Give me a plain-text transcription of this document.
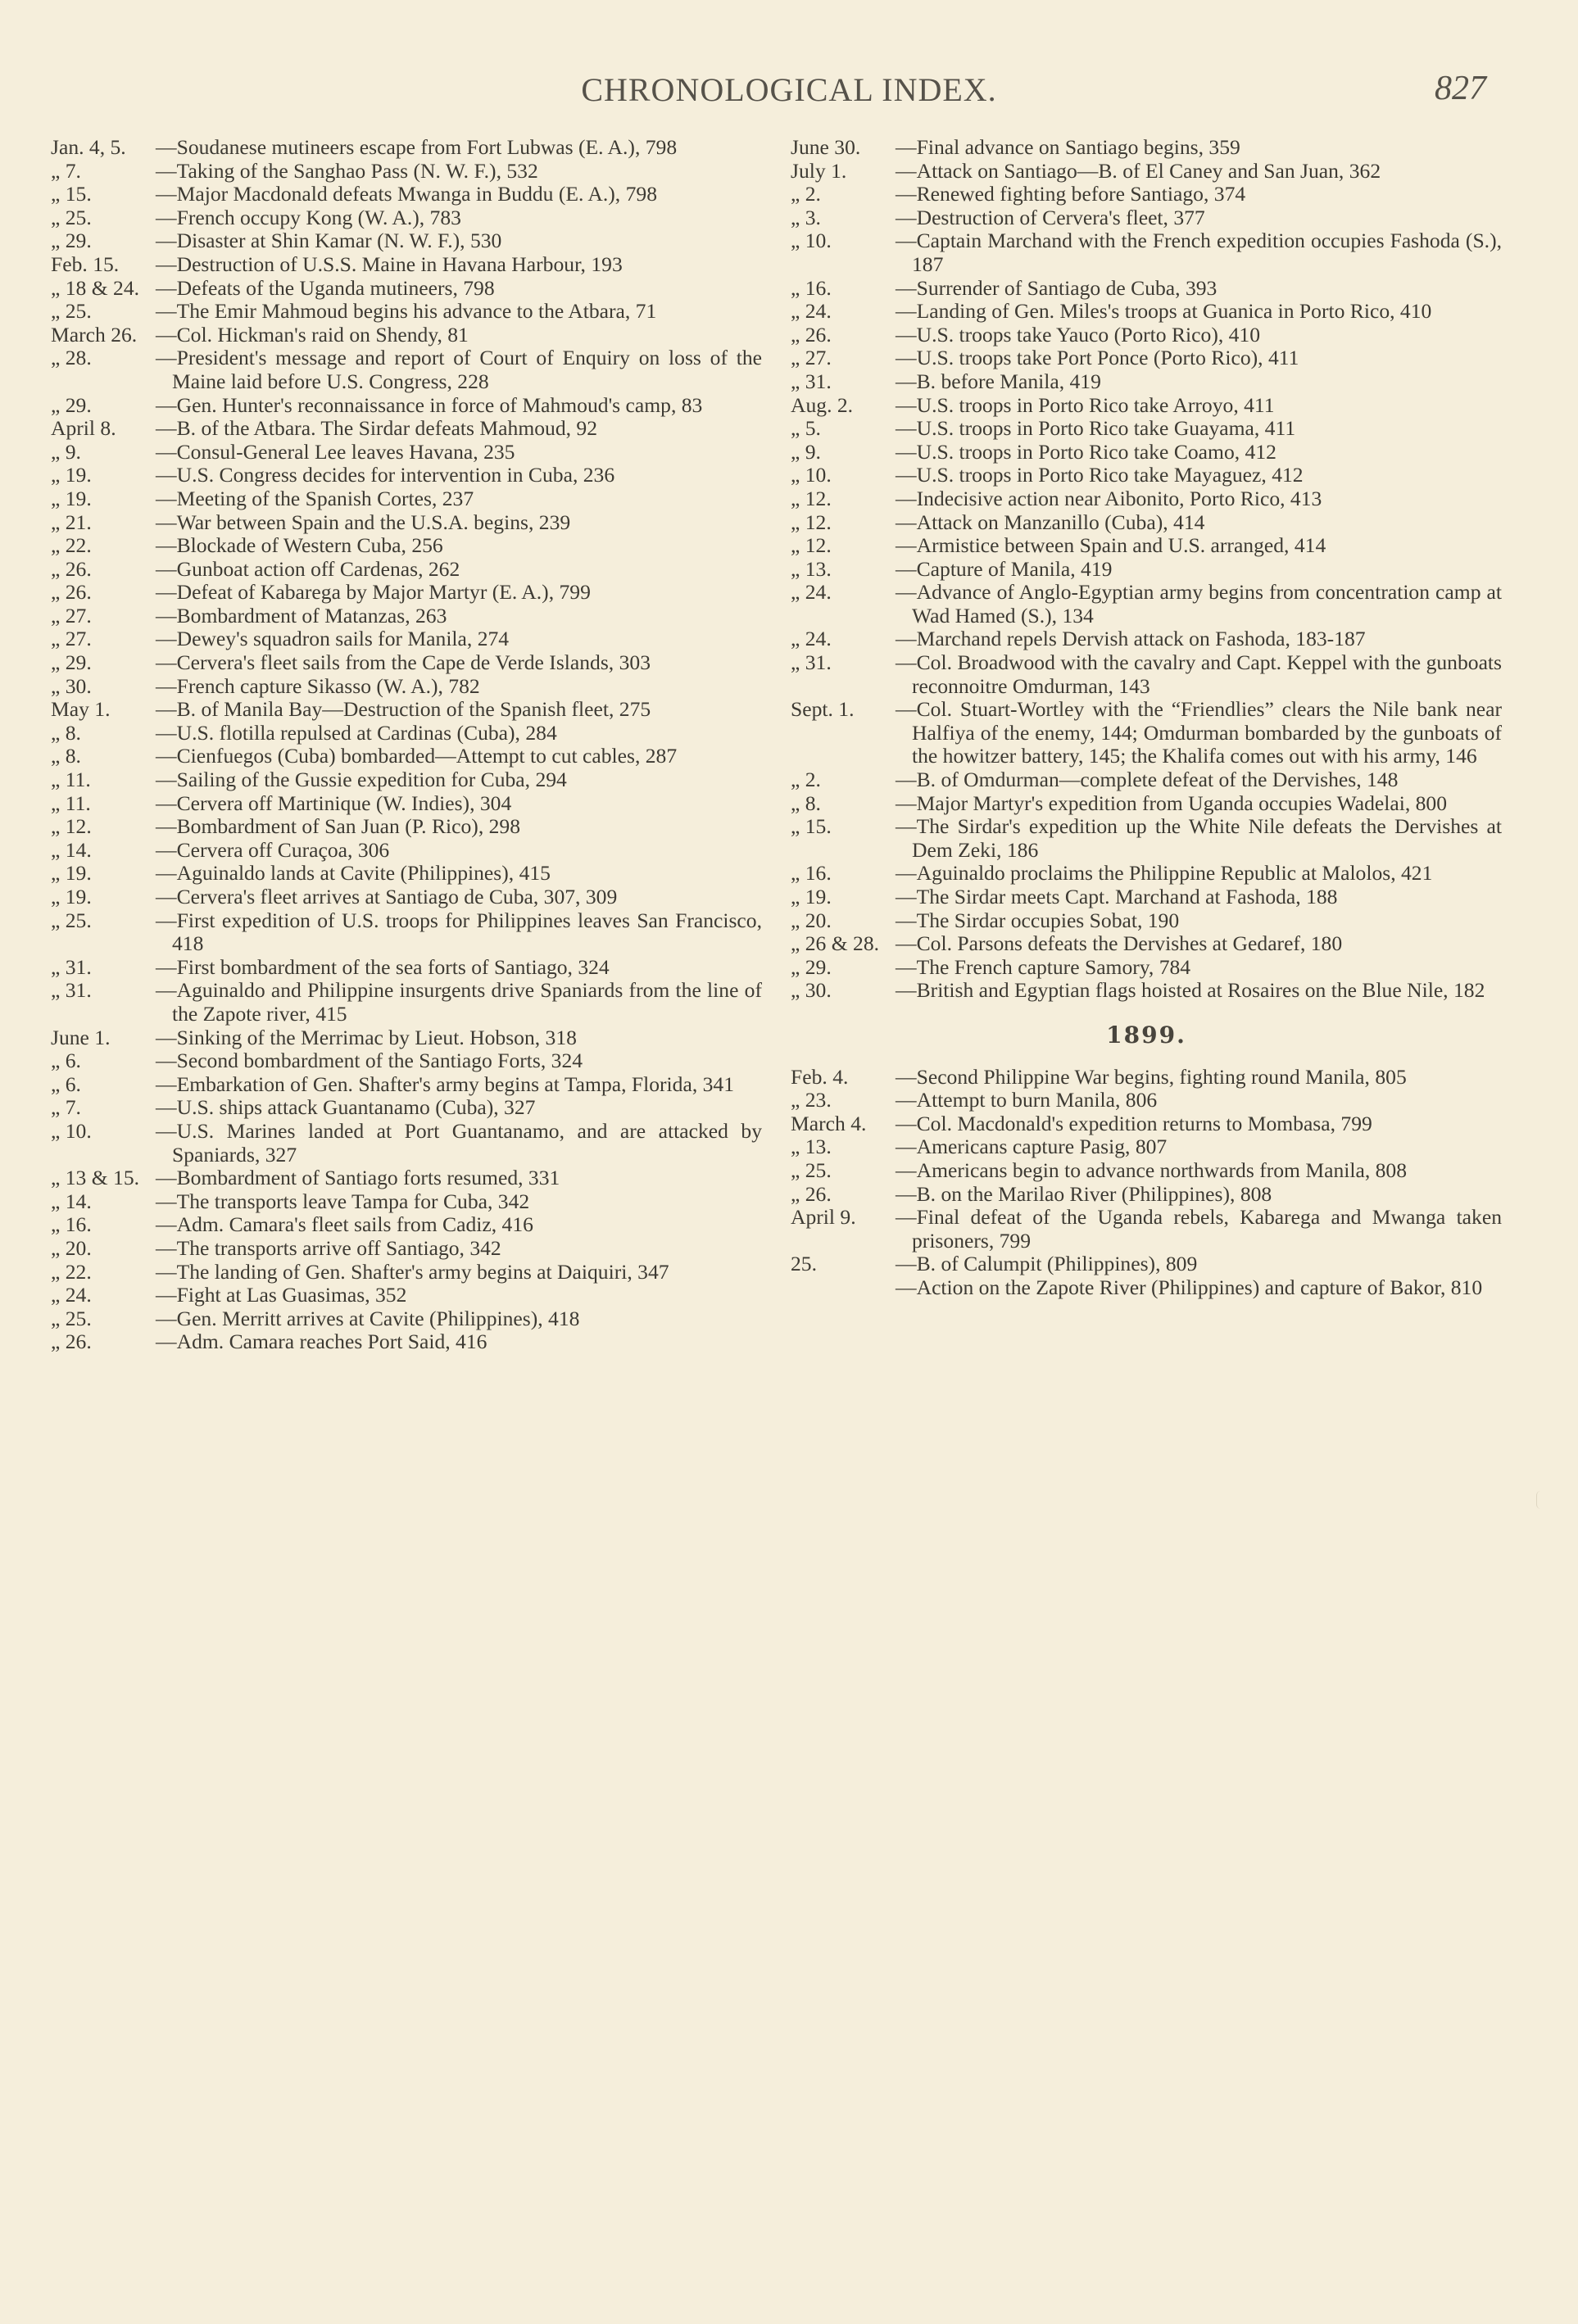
CHRONOLOGICAL INDEX.	827
Jan. 4, 5.	—Soudanese mutineers escape from Fort Lubwas (E. A.), 798
„ 7.	—Taking of the Sanghao Pass (N. W. F.), 532
„ 15.	—Major Macdonald defeats Mwanga in Buddu (E. A.), 798
„ 25.	—French occupy Kong (W. A.), 783
„ 29.	—Disaster at Shin Kamar (N. W. F.), 530
Feb. 15.	—Destruction of U.S.S. Maine in Havana Harbour, 193
„ 18 & 24. —Defeats of the Uganda mutineers, 798
„ 25.	—The Emir Mahmoud begins his advance to the Atbara, 71
March 26. —Col. Hickman's raid on Shendy, 81
„ 28.	—President's message and report of Court of Enquiry on loss of the Maine laid before U.S. Congress, 228
„ 29.	—Gen. Hunter's reconnaissance in force of Mahmoud's camp, 83
April 8.	—B. of the Atbara. The Sirdar defeats Mahmoud, 92
„ 9.	—Consul-General Lee leaves Havana, 235
„ 19.	—U.S. Congress decides for intervention in Cuba, 236
„ 19.	—Meeting of the Spanish Cortes, 237
„ 21.	—War between Spain and the U.S.A. begins, 239
„ 22.	—Blockade of Western Cuba, 256
„ 26.	—Gunboat action off Cardenas, 262
„ 26.	—Defeat of Kabarega by Major Martyr (E. A.), 799
„ 27.	—Bombardment of Matanzas, 263
„ 27.	—Dewey's squadron sails for Manila, 274
„ 29.	—Cervera's fleet sails from the Cape de Verde Islands, 303
„ 30.	—French capture Sikasso (W. A.), 782
May 1.	—B. of Manila Bay—Destruction of the Spanish fleet, 275
„ 8.	—U.S. flotilla repulsed at Cardinas (Cuba), 284
„ 8.	—Cienfuegos (Cuba) bombarded—Attempt to cut cables, 287
„ 11.	—Sailing of the Gussie expedition for Cuba, 294
„ 11.	—Cervera off Martinique (W. Indies), 304
„ 12.	—Bombardment of San Juan (P. Rico), 298
„ 14.	—Cervera off Curaçoa, 306
„ 19.	—Aguinaldo lands at Cavite (Philippines), 415
„ 19.	—Cervera's fleet arrives at Santiago de Cuba, 307, 309
„ 25.	—First expedition of U.S. troops for Philippines leaves San Francisco, 418
„ 31.	—First bombardment of the sea forts of Santiago, 324
„ 31.	—Aguinaldo and Philippine insurgents drive Spaniards from the line of the Zapote river, 415
June 1.	—Sinking of the Merrimac by Lieut. Hobson, 318
„ 6.	—Second bombardment of the Santiago Forts, 324
„ 6.	—Embarkation of Gen. Shafter's army begins at Tampa, Florida, 341
„ 7.	—U.S. ships attack Guantanamo (Cuba), 327
„ 10.	—U.S. Marines landed at Port Guantanamo, and are attacked by Spaniards, 327
„ 13 & 15. —Bombardment of Santiago forts resumed, 331
„ 14.	—The transports leave Tampa for Cuba, 342
„ 16.	—Adm. Camara's fleet sails from Cadiz, 416
„ 20.	—The transports arrive off Santiago, 342
„ 22.	—The landing of Gen. Shafter's army begins at Daiquiri, 347
„ 24.	—Fight at Las Guasimas, 352
„ 25.	—Gen. Merritt arrives at Cavite (Philippines), 418
„ 26.	—Adm. Camara reaches Port Said, 416
June 30.	—Final advance on Santiago begins, 359
July 1.	—Attack on Santiago—B. of El Caney and San Juan, 362
„ 2.	—Renewed fighting before Santiago, 374
„ 3.	—Destruction of Cervera's fleet, 377
„ 10.	—Captain Marchand with the French expedition occupies Fashoda (S.), 187
„ 16.	—Surrender of Santiago de Cuba, 393
„ 24.	—Landing of Gen. Miles's troops at Guanica in Porto Rico, 410
„ 26.	—U.S. troops take Yauco (Porto Rico), 410
„ 27.	—U.S. troops take Port Ponce (Porto Rico), 411
„ 31.	—B. before Manila, 419
Aug. 2.	—U.S. troops in Porto Rico take Arroyo, 411
„ 5.	—U.S. troops in Porto Rico take Guayama, 411
„ 9.	—U.S. troops in Porto Rico take Coamo, 412
„ 10.	—U.S. troops in Porto Rico take Mayaguez, 412
„ 12.	—Indecisive action near Aibonito, Porto Rico, 413
„ 12.	—Attack on Manzanillo (Cuba), 414
„ 12.	—Armistice between Spain and U.S. arranged, 414
„ 13.	—Capture of Manila, 419
„ 24.	—Advance of Anglo-Egyptian army begins from concentration camp at Wad Hamed (S.), 134
„ 24.	—Marchand repels Dervish attack on Fashoda, 183-187
„ 31.	—Col. Broadwood with the cavalry and Capt. Keppel with the gunboats reconnoitre Omdurman, 143
Sept. 1.	—Col. Stuart-Wortley with the “Friendlies” clears the Nile bank near Halfiya of the enemy, 144; Omdurman bombarded by the gunboats of the howitzer battery, 145; the Khalifa comes out with his army, 146
„ 2.	—B. of Omdurman—complete defeat of the Dervishes, 148
„ 8.	—Major Martyr's expedition from Uganda occupies Wadelai, 800
„ 15.	—The Sirdar's expedition up the White Nile defeats the Dervishes at Dem Zeki, 186
„ 16.	—Aguinaldo proclaims the Philippine Republic at Malolos, 421
„ 19.	—The Sirdar meets Capt. Marchand at Fashoda, 188
„ 20.	—The Sirdar occupies Sobat, 190
„ 26 & 28. —Col. Parsons defeats the Dervishes at Gedaref, 180
„ 29.	—The French capture Samory, 784
„ 30.	—British and Egyptian flags hoisted at Rosaires on the Blue Nile, 182
1899.
Feb. 4.	—Second Philippine War begins, fighting round Manila, 805
„ 23.	—Attempt to burn Manila, 806
March 4.	—Col. Macdonald's expedition returns to Mombasa, 799
„ 13.	—Americans capture Pasig, 807
„ 25.	—Americans begin to advance northwards from Manila, 808
„ 26.	—B. on the Marilao River (Philippines), 808
April 9.	—Final defeat of the Uganda rebels, Kabarega and Mwanga taken prisoners, 799
25.	—B. of Calumpit (Philippines), 809
—Action on the Zapote River (Philippines) and capture of Bakor, 810
